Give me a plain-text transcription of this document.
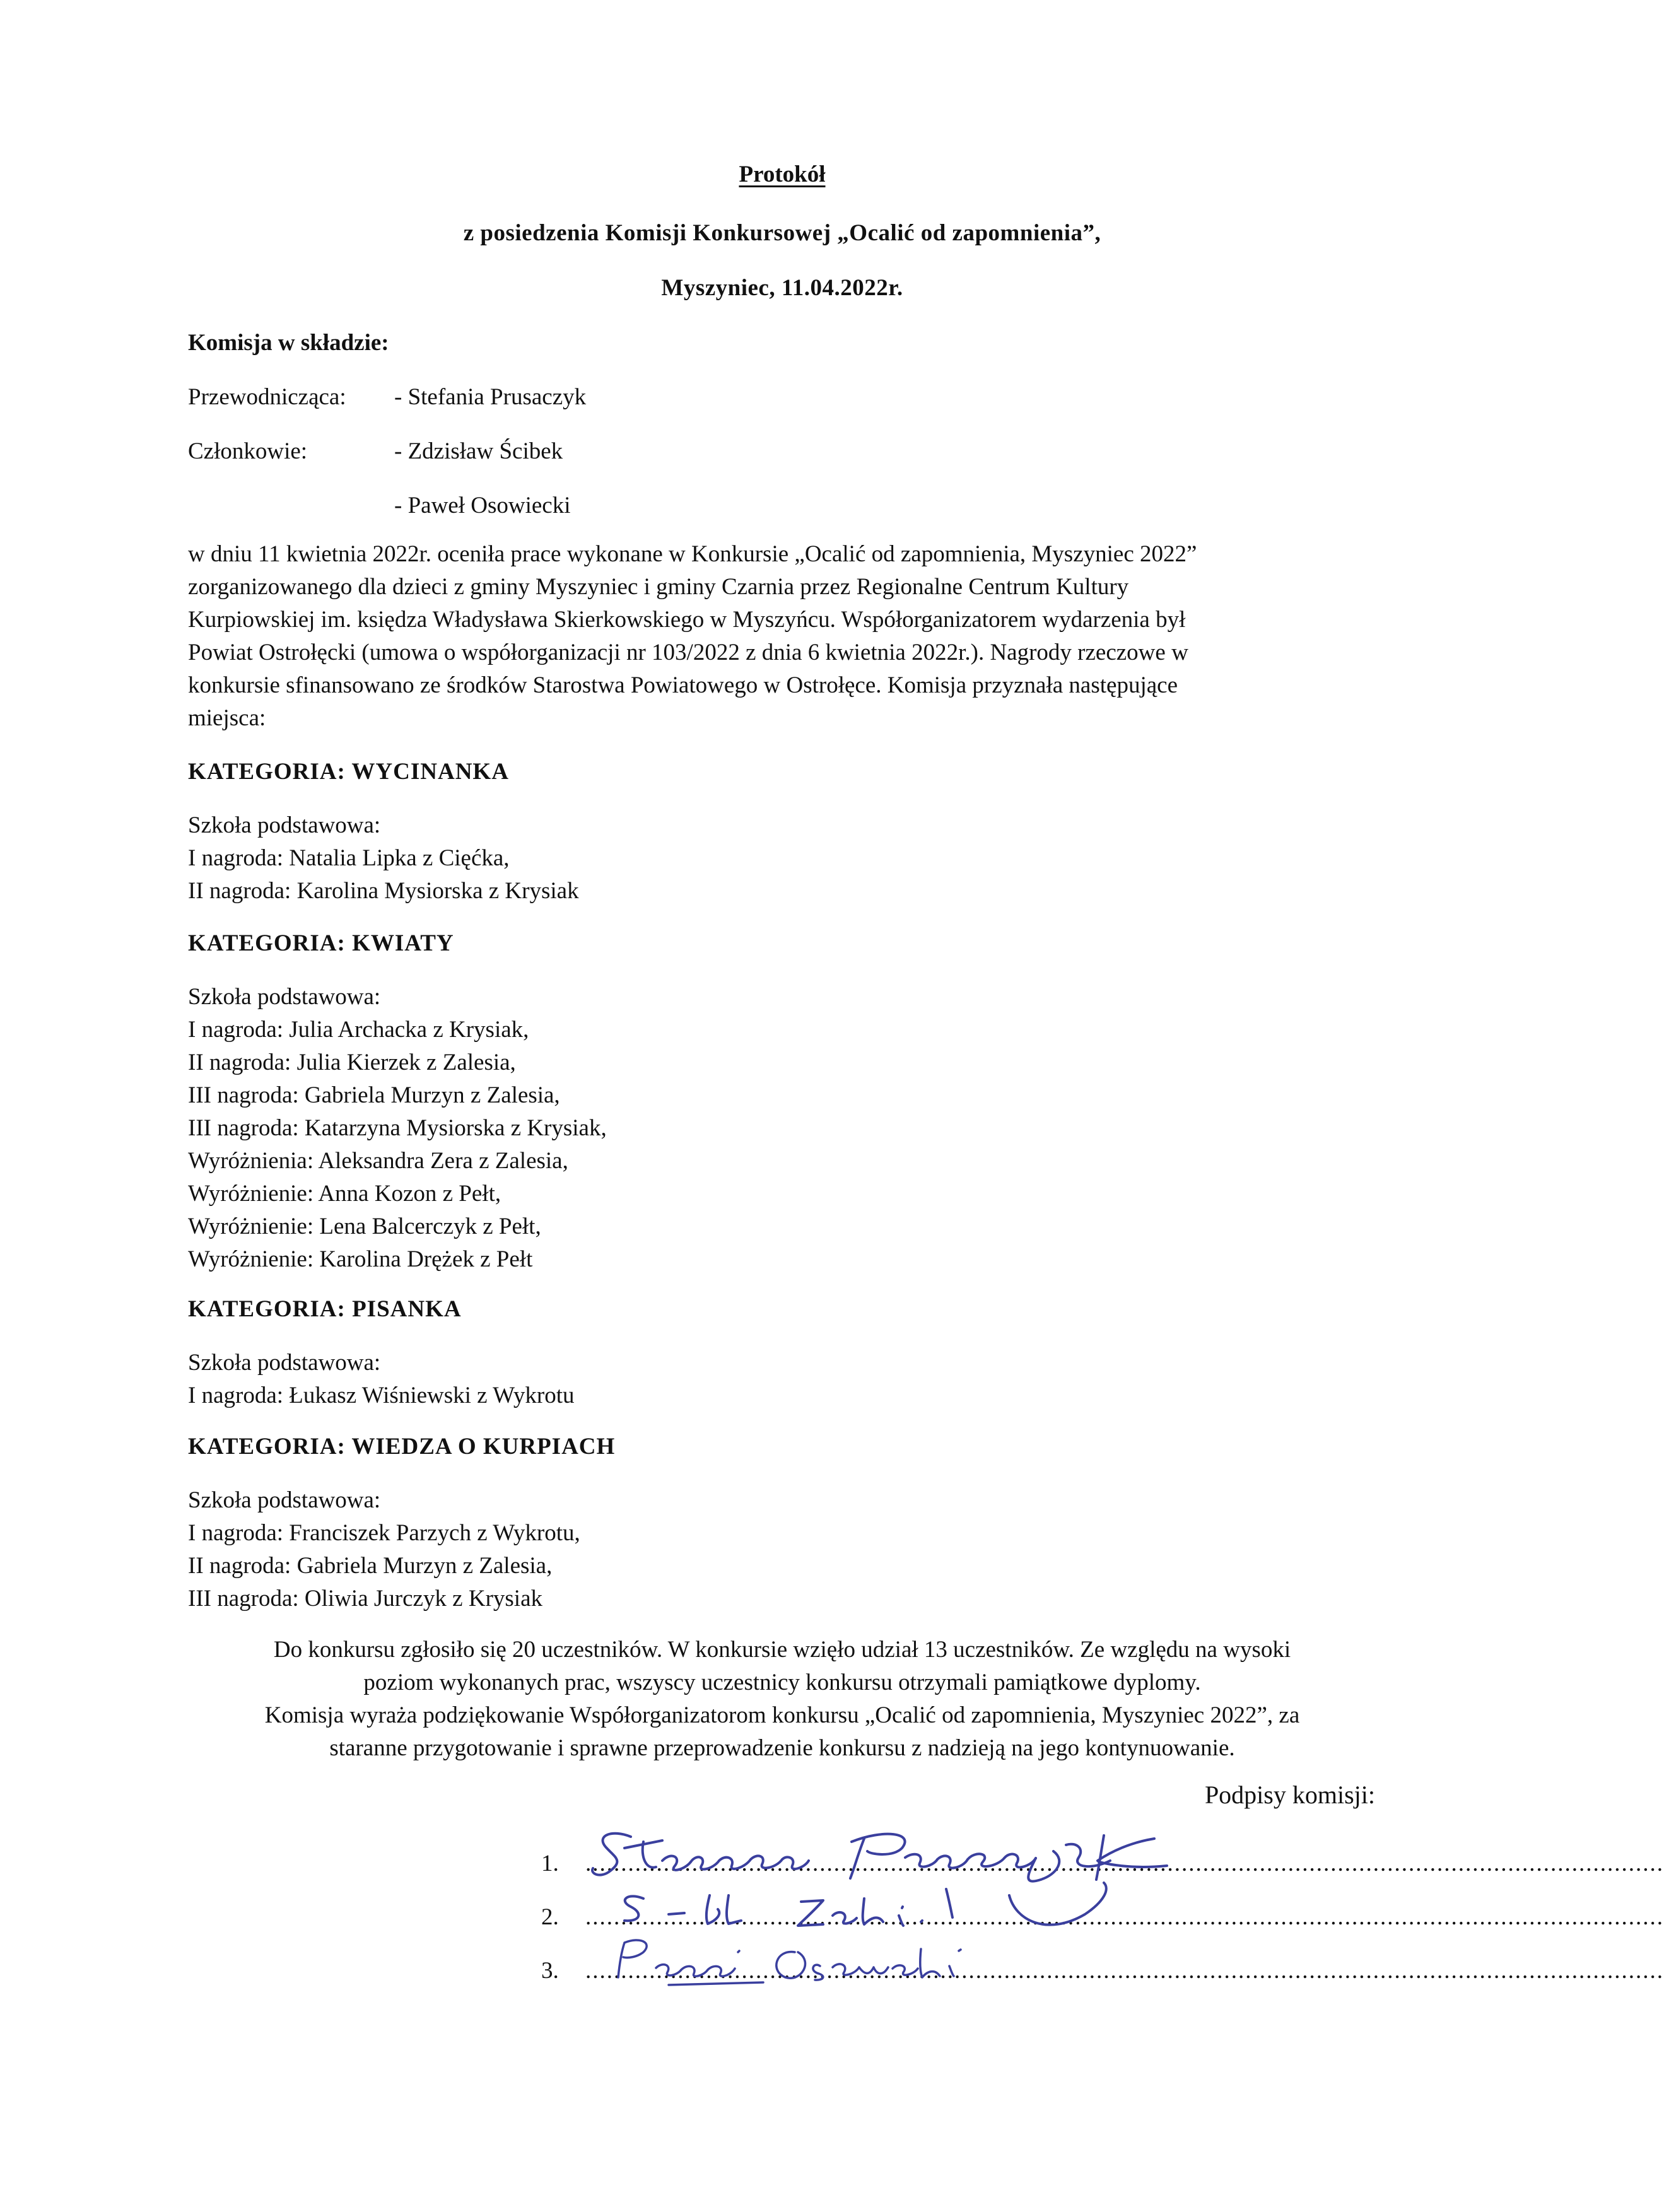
Protokół
z posiedzenia Komisji Konkursowej „Ocalić od zapomnienia”,
Myszyniec, 11.04.2022r.
Komisja w składzie:
Przewodnicząca: - Stefania Prusaczyk
Członkowie:	- Zdzisław Ścibek
- Paweł Osowiecki
w dniu 11 kwietnia 2022r. oceniła prace wykonane w Konkursie „Ocalić od zapomnienia, Myszyniec 2022”
zorganizowanego dla dzieci z gminy Myszyniec i gminy Czarnia przez Regionalne Centrum Kultury
Kurpiowskiej im. księdza Władysława Skierkowskiego w Myszyńcu. Współorganizatorem wydarzenia był
Powiat Ostrołęcki (umowa o współorganizacji nr 103/2022 z dnia 6 kwietnia 2022r.). Nagrody rzeczowe w
konkursie sfinansowano ze środków Starostwa Powiatowego w Ostrołęce. Komisja przyznała następujące
miejsca:
KATEGORIA: WYCINANKA
Szkoła podstawowa:
I nagroda: Natalia Lipka z Cięćka,
II nagroda: Karolina Mysiorska z Krysiak
KATEGORIA: KWIATY
Szkoła podstawowa:
I nagroda: Julia Archacka z Krysiak,
II nagroda: Julia Kierzek z Zalesia,
III nagroda: Gabriela Murzyn z Zalesia,
III nagroda: Katarzyna Mysiorska z Krysiak,
Wyróżnienia: Aleksandra Zera z Zalesia,
Wyróżnienie: Anna Kozon z Pełt,
Wyróżnienie: Lena Balcerczyk z Pełt,
Wyróżnienie: Karolina Drężek z Pełt
KATEGORIA: PISANKA
Szkoła podstawowa:
I nagroda: Łukasz Wiśniewski z Wykrotu
KATEGORIA: WIEDZA O KURPIACH
Szkoła podstawowa:
I nagroda: Franciszek Parzych z Wykrotu,
II nagroda: Gabriela Murzyn z Zalesia,
III nagroda: Oliwia Jurczyk z Krysiak
Do konkursu zgłosiło się 20 uczestników. W konkursie wzięło udział 13 uczestników. Ze względu na wysoki
poziom wykonanych prac, wszyscy uczestnicy konkursu otrzymali pamiątkowe dyplomy.
Komisja wyraża podziękowanie Współorganizatorom konkursu „Ocalić od zapomnienia, Myszyniec 2022”, za
staranne przygotowanie i sprawne przeprowadzenie konkursu z nadzieją na jego kontynuowanie.
Podpisy komisji:
1. ........................................................................................................................................................
2. ........................................................................................................................................................
3. ........................................................................................................................................................
